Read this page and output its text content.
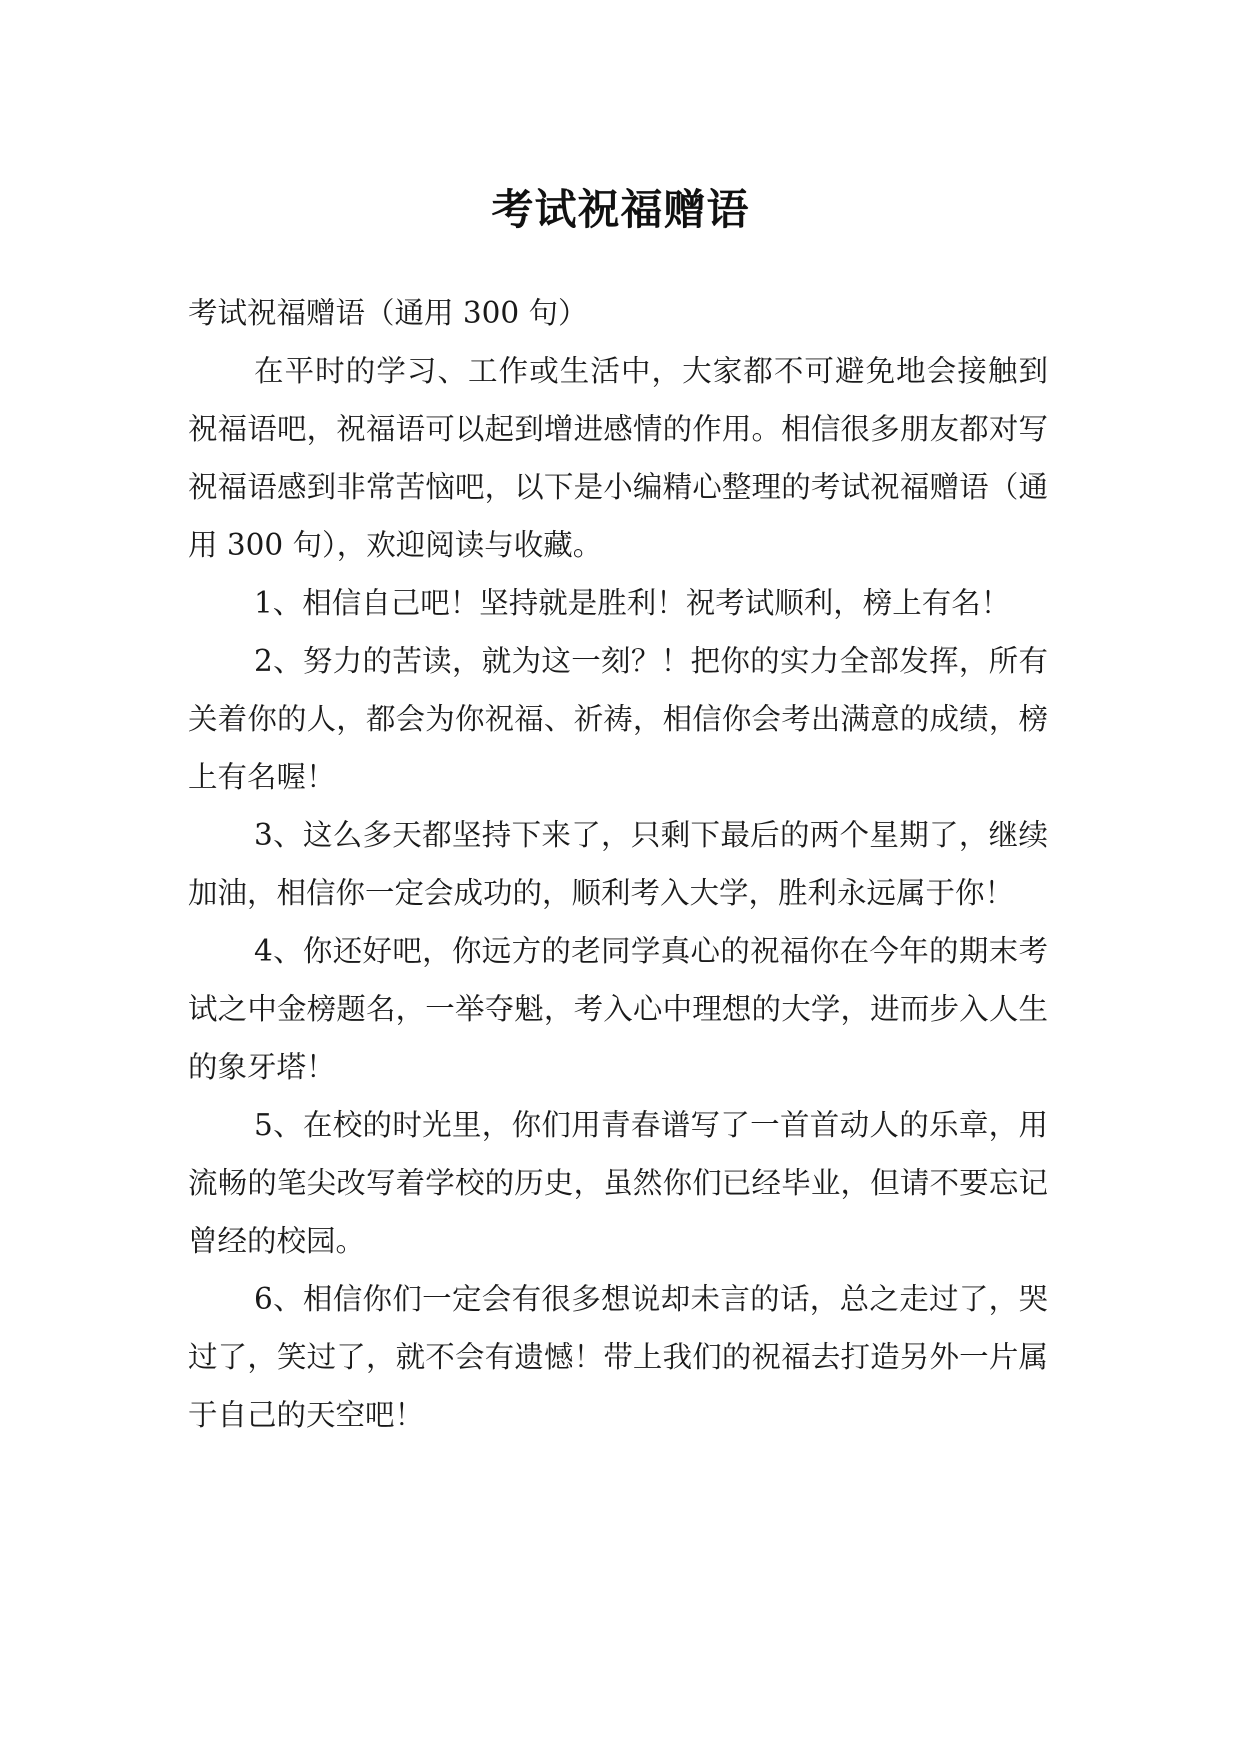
考试祝福赠语

考试祝福赠语（通用 300 句）

在平时的学习、工作或生活中，大家都不可避免地会接触到祝福语吧，祝福语可以起到增进感情的作用。相信很多朋友都对写祝福语感到非常苦恼吧，以下是小编精心整理的考试祝福赠语（通用 300 句），欢迎阅读与收藏。

1、相信自己吧！坚持就是胜利！祝考试顺利，榜上有名！

2、努力的苦读，就为这一刻？！把你的实力全部发挥，所有关着你的人，都会为你祝福、祈祷，相信你会考出满意的成绩，榜上有名喔！

3、这么多天都坚持下来了，只剩下最后的两个星期了，继续加油，相信你一定会成功的，顺利考入大学，胜利永远属于你！

4、你还好吧，你远方的老同学真心的祝福你在今年的期末考试之中金榜题名，一举夺魁，考入心中理想的大学，进而步入人生的象牙塔！

5、在校的时光里，你们用青春谱写了一首首动人的乐章，用流畅的笔尖改写着学校的历史，虽然你们已经毕业，但请不要忘记曾经的校园。

6、相信你们一定会有很多想说却未言的话，总之走过了，哭过了，笑过了，就不会有遗憾！带上我们的祝福去打造另外一片属于自己的天空吧！
